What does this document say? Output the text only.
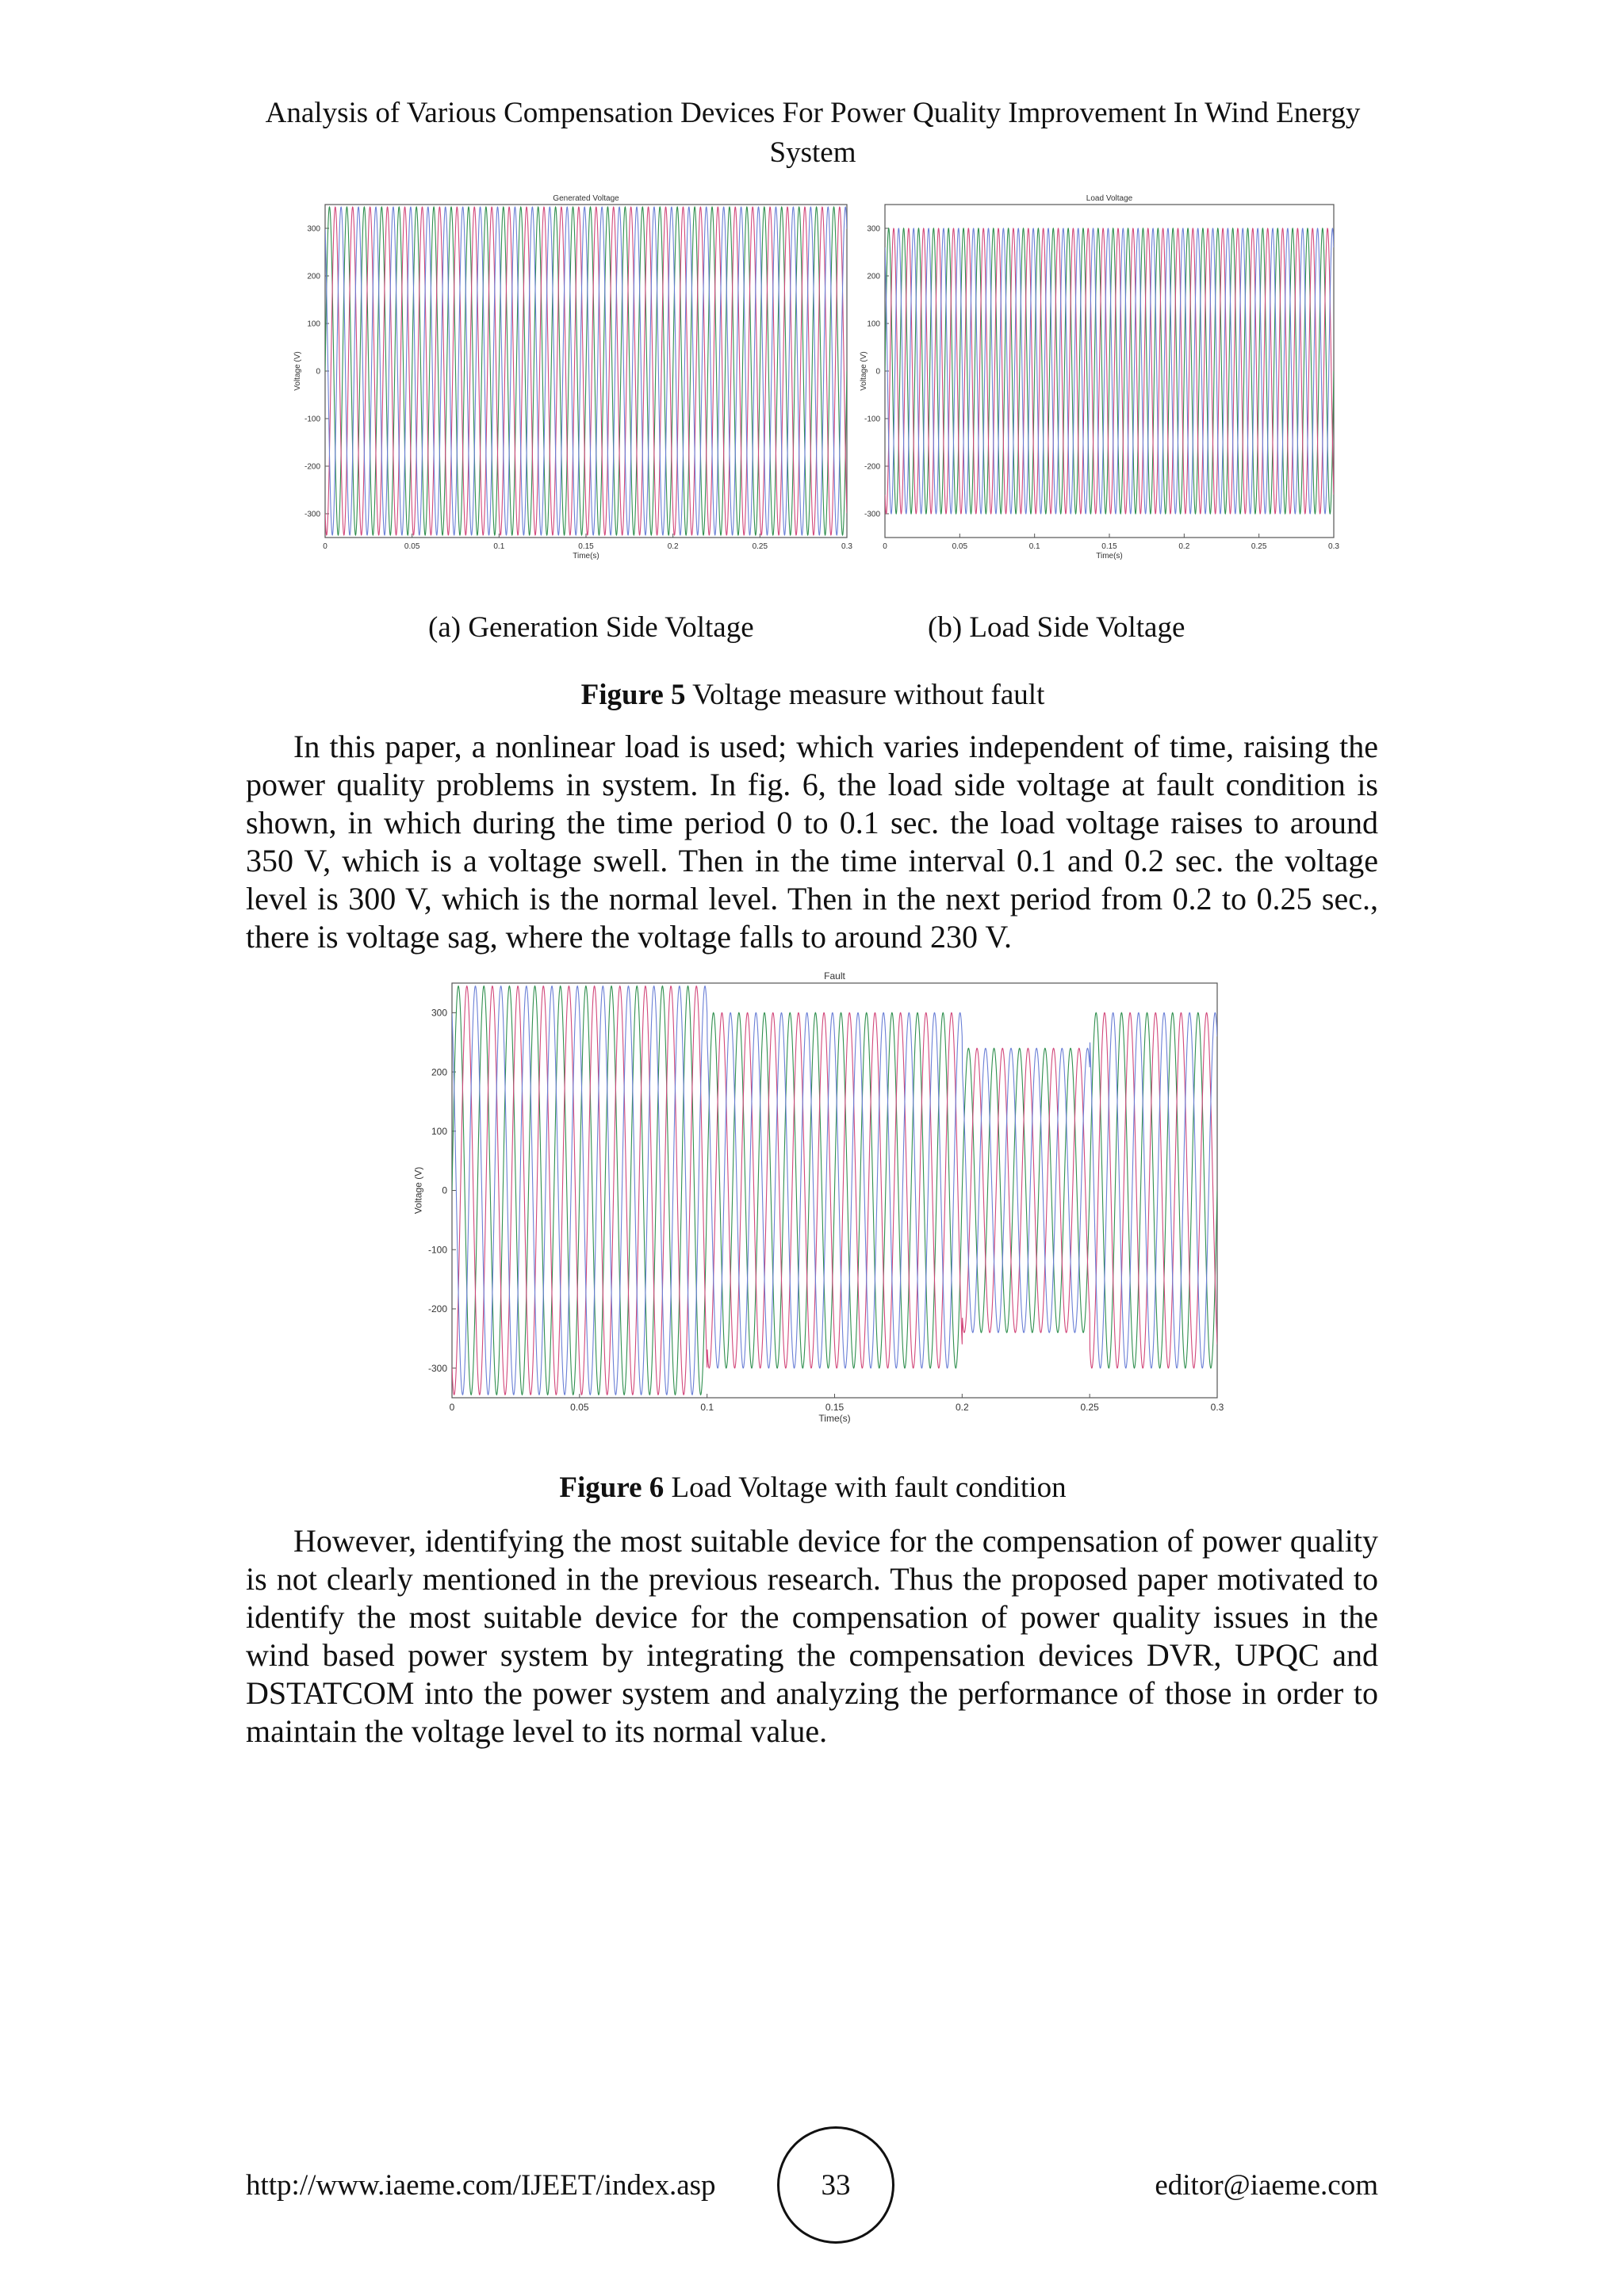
Analysis of Various Compensation Devices For Power Quality Improvement In Wind Energy System
Generated Voltage
0	0.05	0.1	0.15	0.2	0.25	0.3
300
200
100
0
-100
-200
-300
Time(s)
Voltage (V)
Load Voltage
0	0.05	0.1	0.15	0.2	0.25	0.3
300
200
100
0
-100
-200
-300
Time(s)
Voltage (V)
(a) Generation Side Voltage	(b) Load Side Voltage
Figure 5 Voltage measure without fault

In this paper, a nonlinear load is used; which varies independent of time, raising the power quality problems in system. In fig. 6, the load side voltage at fault condition is shown, in which during the time period 0 to 0.1 sec. the load voltage raises to around 350 V, which is a voltage swell. Then in the time interval 0.1 and 0.2 sec. the voltage level is 300 V, which is the normal level. Then in the next period from 0.2 to 0.25 sec., there is voltage sag, where the voltage falls to around 230 V.

Fault
0	0.05	0.1	0.15	0.2	0.25	0.3
300
200
100
0
-100
-200
-300
Time(s)
Voltage (V)
Figure 6 Load Voltage with fault condition

However, identifying the most suitable device for the compensation of power quality is not clearly mentioned in the previous research. Thus the proposed paper motivated to identify the most suitable device for the compensation of power quality issues in the wind based power system by integrating the compensation devices DVR, UPQC and DSTATCOM into the power system and analyzing the performance of those in order to maintain the voltage level to its normal value.

http://www.iaeme.com/IJEET/index.asp	33	editor@iaeme.com
